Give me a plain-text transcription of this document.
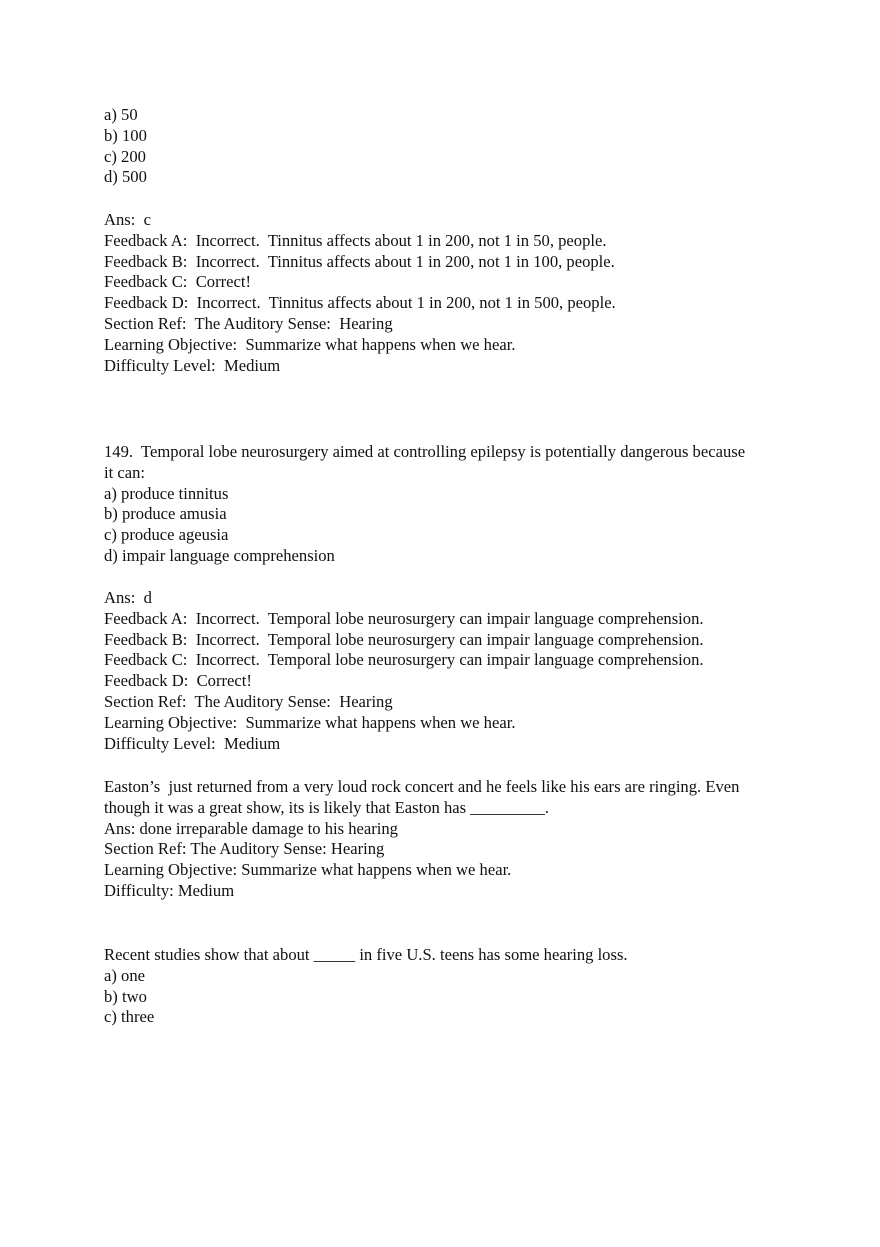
a) 50
b) 100
c) 200
d) 500
Ans:  c
Feedback A:  Incorrect.  Tinnitus affects about 1 in 200, not 1 in 50, people.
Feedback B:  Incorrect.  Tinnitus affects about 1 in 200, not 1 in 100, people.
Feedback C:  Correct!
Feedback D:  Incorrect.  Tinnitus affects about 1 in 200, not 1 in 500, people.
Section Ref:  The Auditory Sense:  Hearing
Learning Objective:  Summarize what happens when we hear.
Difficulty Level:  Medium
149.  Temporal lobe neurosurgery aimed at controlling epilepsy is potentially dangerous because
it can:
a) produce tinnitus
b) produce amusia
c) produce ageusia
d) impair language comprehension
Ans:  d
Feedback A:  Incorrect.  Temporal lobe neurosurgery can impair language comprehension.
Feedback B:  Incorrect.  Temporal lobe neurosurgery can impair language comprehension.
Feedback C:  Incorrect.  Temporal lobe neurosurgery can impair language comprehension.
Feedback D:  Correct!
Section Ref:  The Auditory Sense:  Hearing
Learning Objective:  Summarize what happens when we hear.
Difficulty Level:  Medium
Easton’s  just returned from a very loud rock concert and he feels like his ears are ringing. Even
though it was a great show, its is likely that Easton has _________.
Ans: done irreparable damage to his hearing
Section Ref: The Auditory Sense: Hearing
Learning Objective: Summarize what happens when we hear.
Difficulty: Medium
Recent studies show that about _____ in five U.S. teens has some hearing loss.
a) one
b) two
c) three
